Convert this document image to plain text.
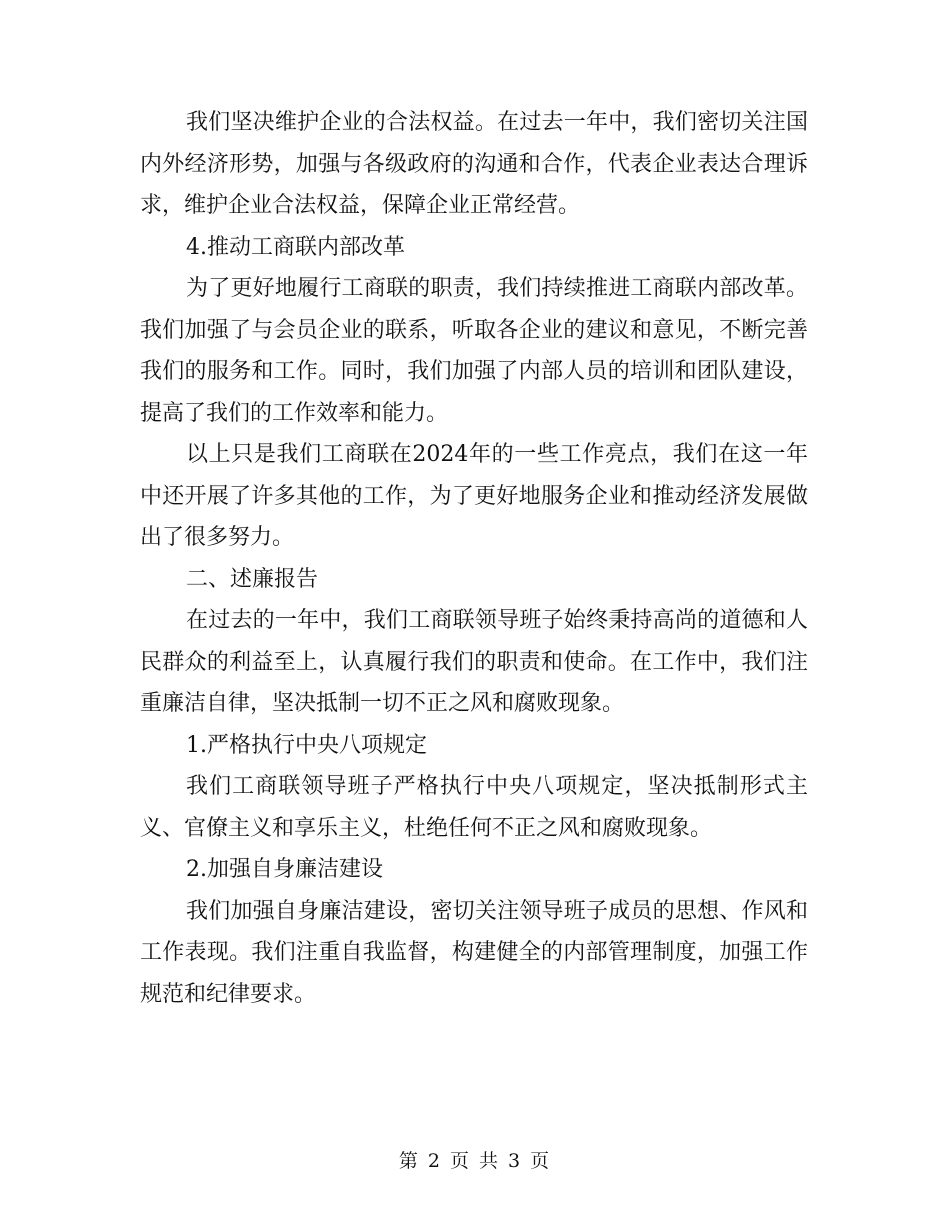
我们坚决维护企业的合法权益。在过去一年中，我们密切关注国内外经济形势，加强与各级政府的沟通和合作，代表企业表达合理诉求，维护企业合法权益，保障企业正常经营。

4.推动工商联内部改革

为了更好地履行工商联的职责，我们持续推进工商联内部改革。我们加强了与会员企业的联系，听取各企业的建议和意见，不断完善我们的服务和工作。同时，我们加强了内部人员的培训和团队建设，提高了我们的工作效率和能力。

以上只是我们工商联在2024年的一些工作亮点，我们在这一年中还开展了许多其他的工作，为了更好地服务企业和推动经济发展做出了很多努力。

二、述廉报告

在过去的一年中，我们工商联领导班子始终秉持高尚的道德和人民群众的利益至上，认真履行我们的职责和使命。在工作中，我们注重廉洁自律，坚决抵制一切不正之风和腐败现象。

1.严格执行中央八项规定

我们工商联领导班子严格执行中央八项规定，坚决抵制形式主义、官僚主义和享乐主义，杜绝任何不正之风和腐败现象。

2.加强自身廉洁建设

我们加强自身廉洁建设，密切关注领导班子成员的思想、作风和工作表现。我们注重自我监督，构建健全的内部管理制度，加强工作规范和纪律要求。

第 2 页 共 3 页
